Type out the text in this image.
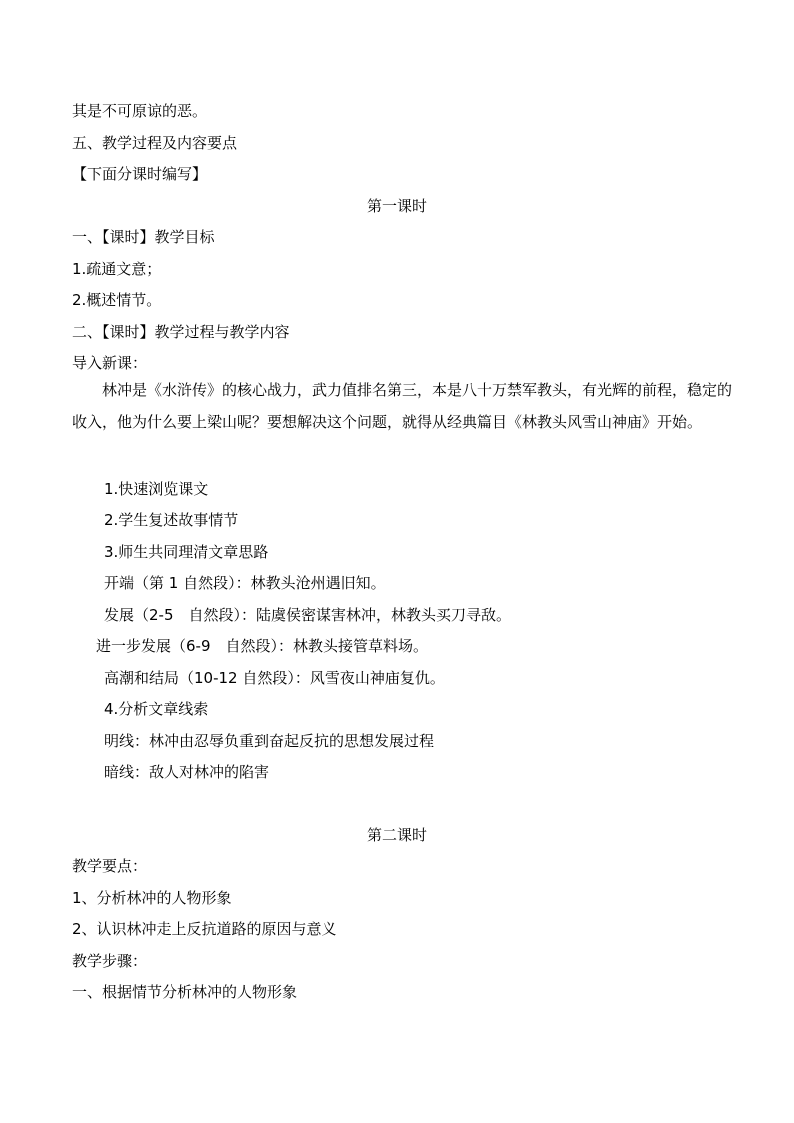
其是不可原谅的恶。
五、教学过程及内容要点
【下面分课时编写】
第一课时
一、【课时】教学目标
1.疏通文意；
2.概述情节。
二、【课时】教学过程与教学内容
导入新课：
林冲是《水浒传》的核心战力，武力值排名第三，本是八十万禁军教头，有光辉的前程，稳定的收入，他为什么要上梁山呢？要想解决这个问题，就得从经典篇目《林教头风雪山神庙》开始。
1.快速浏览课文
2.学生复述故事情节
3.师生共同理清文章思路
开端（第 1 自然段）：林教头沧州遇旧知。
发展（2-5　自然段）：陆虞侯密谋害林冲，林教头买刀寻敌。
进一步发展（6-9　自然段）：林教头接管草料场。
高潮和结局（10-12 自然段）：风雪夜山神庙复仇。
4.分析文章线索
明线：林冲由忍辱负重到奋起反抗的思想发展过程
暗线：敌人对林冲的陷害
第二课时
教学要点：
1、分析林冲的人物形象
2、认识林冲走上反抗道路的原因与意义
教学步骤：
一、根据情节分析林冲的人物形象
